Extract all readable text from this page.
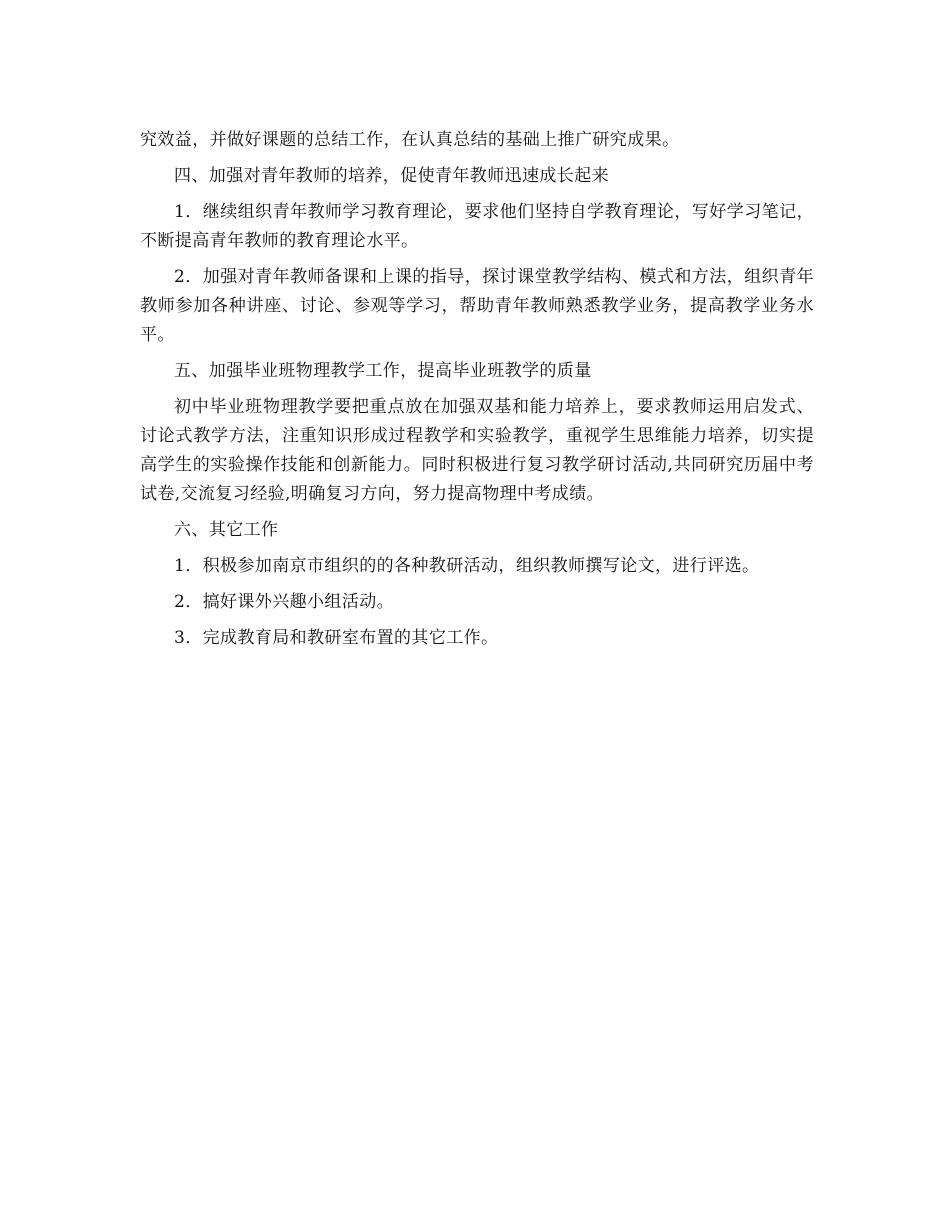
究效益，并做好课题的总结工作，在认真总结的基础上推广研究成果。

四、加强对青年教师的培养，促使青年教师迅速成长起来

1．继续组织青年教师学习教育理论，要求他们坚持自学教育理论，写好学习笔记，不断提高青年教师的教育理论水平。

2．加强对青年教师备课和上课的指导，探讨课堂教学结构、模式和方法，组织青年教师参加各种讲座、讨论、参观等学习，帮助青年教师熟悉教学业务，提高教学业务水平。

五、加强毕业班物理教学工作，提高毕业班教学的质量

初中毕业班物理教学要把重点放在加强双基和能力培养上，要求教师运用启发式、讨论式教学方法，注重知识形成过程教学和实验教学，重视学生思维能力培养，切实提高学生的实验操作技能和创新能力。同时积极进行复习教学研讨活动,共同研究历届中考试卷,交流复习经验,明确复习方向，努力提高物理中考成绩。

六、其它工作

1．积极参加南京市组织的的各种教研活动，组织教师撰写论文，进行评选。

2．搞好课外兴趣小组活动。

3．完成教育局和教研室布置的其它工作。
